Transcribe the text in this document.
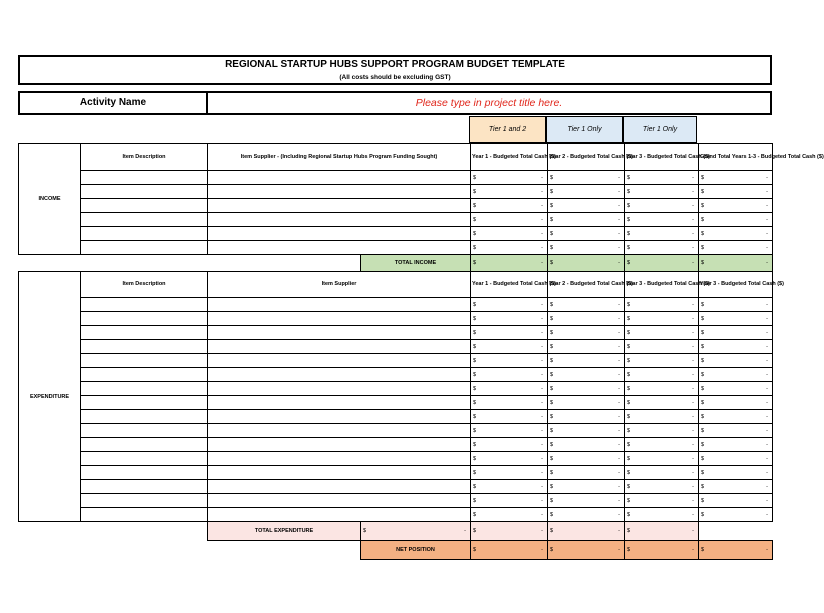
REGIONAL STARTUP HUBS SUPPORT PROGRAM BUDGET TEMPLATE
(All costs should be excluding GST)
Activity Name	Please type in project title here.
Tier 1 and 2	Tier 1 Only	Tier 1 Only
INCOME	Item Description	Item Supplier - (Including Regional Startup Hubs Program Funding Sought)		Year 1 - Budgeted Total Cash ($)	Year 2 - Budgeted Total Cash ($)	Year 3 - Budgeted Total Cash ($)	Grand Total Years 1-3 - Budgeted Total Cash ($)

				$ -	$ -	$ -	$ -

				$ -	$ -	$ -	$ -

				$ -	$ -	$ -	$ -

				$ -	$ -	$ -	$ -

				$ -	$ -	$ -	$ -

				$ -	$ -	$ -	$ -

			TOTAL INCOME	$ -	$ -	$ -	$ -
EXPENDITURE	Item Description	Item Supplier		Year 1 - Budgeted Total Cash ($)	Year 2 - Budgeted Total Cash ($)	Year 3 - Budgeted Total Cash ($)	Year 3 - Budgeted Total Cash ($)

				$ -	$ -	$ -	$ -

				$ -	$ -	$ -	$ -

				$ -	$ -	$ -	$ -

				$ -	$ -	$ -	$ -

				$ -	$ -	$ -	$ -

				$ -	$ -	$ -	$ -

				$ -	$ -	$ -	$ -

				$ -	$ -	$ -	$ -

				$ -	$ -	$ -	$ -

				$ -	$ -	$ -	$ -

				$ -	$ -	$ -	$ -

				$ -	$ -	$ -	$ -

				$ -	$ -	$ -	$ -

				$ -	$ -	$ -	$ -

				$ -	$ -	$ -	$ -

				$ -	$ -	$ -	$ -

		TOTAL EXPENDITURE	$ -	$ -	$ -	$ -	

			NET POSITION	$ -	$ -	$ -	$ -
